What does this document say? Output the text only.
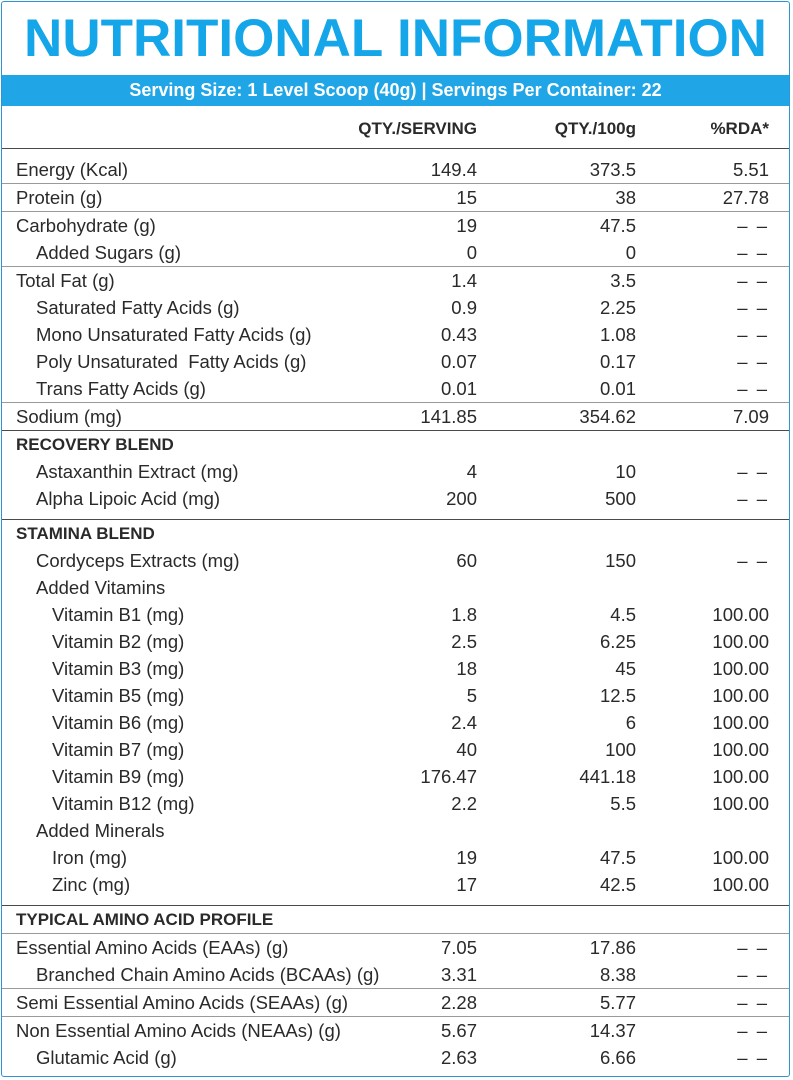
NUTRITIONAL INFORMATION
Serving Size: 1 Level Scoop (40g) | Servings Per Container: 22
QTY./SERVING	QTY./100g	%RDA*
Energy (Kcal)	149.4	373.5	5.51
Protein (g)	15	38	27.78
Carbohydrate (g)	19	47.5	– –
Added Sugars (g)	0	0	– –
Total Fat (g)	1.4	3.5	– –
Saturated Fatty Acids (g)	0.9	2.25	– –
Mono Unsaturated Fatty Acids (g)	0.43	1.08	– –
Poly Unsaturated  Fatty Acids (g)	0.07	0.17	– –
Trans Fatty Acids (g)	0.01	0.01	– –
Sodium (mg)	141.85	354.62	7.09
RECOVERY BLEND
Astaxanthin Extract (mg)	4	10	– –
Alpha Lipoic Acid (mg)	200	500	– –
STAMINA BLEND
Cordyceps Extracts (mg)	60	150	– –
Added Vitamins
Vitamin B1 (mg)	1.8	4.5	100.00
Vitamin B2 (mg)	2.5	6.25	100.00
Vitamin B3 (mg)	18	45	100.00
Vitamin B5 (mg)	5	12.5	100.00
Vitamin B6 (mg)	2.4	6	100.00
Vitamin B7 (mg)	40	100	100.00
Vitamin B9 (mg)	176.47	441.18	100.00
Vitamin B12 (mg)	2.2	5.5	100.00
Added Minerals
Iron (mg)	19	47.5	100.00
Zinc (mg)	17	42.5	100.00
TYPICAL AMINO ACID PROFILE
Essential Amino Acids (EAAs) (g)	7.05	17.86	– –
Branched Chain Amino Acids (BCAAs) (g)	3.31	8.38	– –
Semi Essential Amino Acids (SEAAs) (g)	2.28	5.77	– –
Non Essential Amino Acids (NEAAs) (g)	5.67	14.37	– –
Glutamic Acid (g)	2.63	6.66	– –
